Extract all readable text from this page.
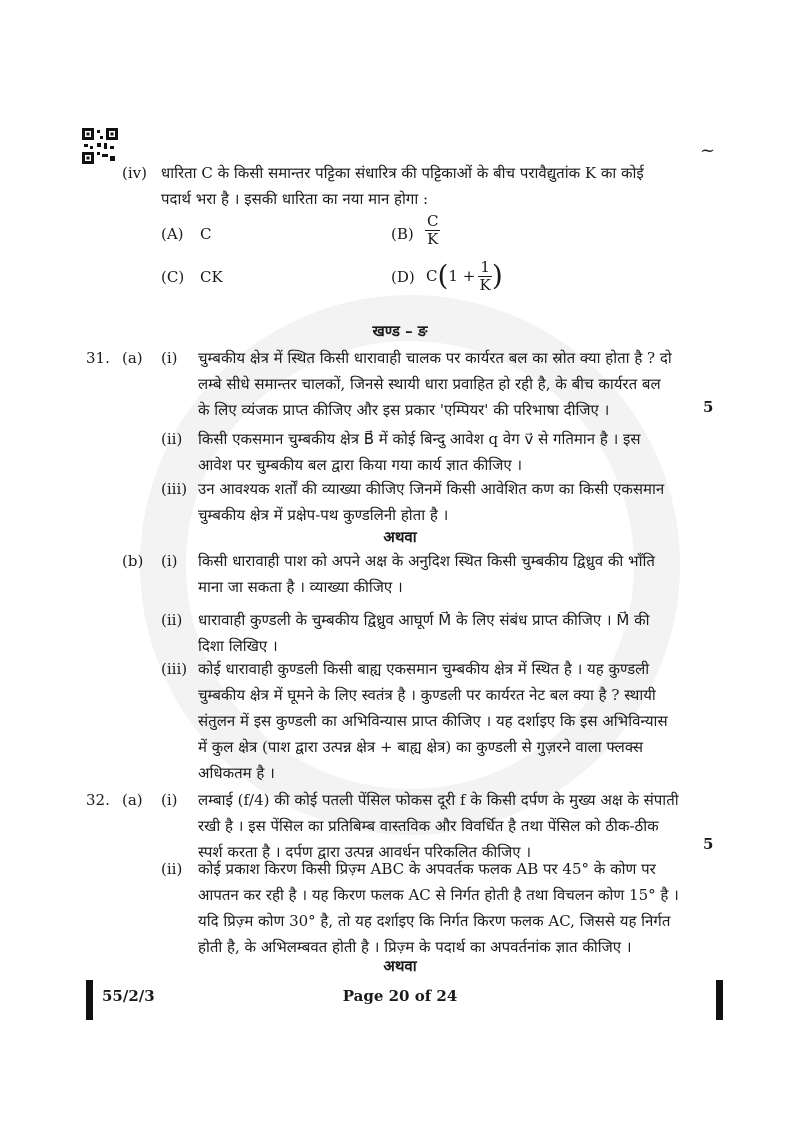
~
(iv) धारिता C के किसी समान्तर पट्टिका संधारित्र की पट्टिकाओं के बीच परावैद्युतांक K का कोई
पदार्थ भरा है । इसकी धारिता का नया मान होगा :
(A) C	$(B) \frac{C}{K}$
(C) CK	(D) C ( $1 + \frac{1}{K}$ )
खण्ड – ङ
31. (a) (i) चुम्बकीय क्षेत्र में स्थित किसी धारावाही चालक पर कार्यरत बल का स्रोत क्या होता है ? दो
लम्बे सीधे समान्तर चालकों, जिनसे स्थायी धारा प्रवाहित हो रही है, के बीच कार्यरत बल
के लिए व्यंजक प्राप्त कीजिए और इस प्रकार 'एम्पियर' की परिभाषा दीजिए ।	5
(ii) किसी एकसमान चुम्बकीय क्षेत्र B⃗ में कोई बिन्दु आवेश q वेग v⃗ से गतिमान है । इस
आवेश पर चुम्बकीय बल द्वारा किया गया कार्य ज्ञात कीजिए ।
(iii) उन आवश्यक शर्तों की व्याख्या कीजिए जिनमें किसी आवेशित कण का किसी एकसमान
चुम्बकीय क्षेत्र में प्रक्षेप-पथ कुण्डलिनी होता है ।
अथवा
(b) (i) किसी धारावाही पाश को अपने अक्ष के अनुदिश स्थित किसी चुम्बकीय द्विध्रुव की भाँति
माना जा सकता है । व्याख्या कीजिए ।
(ii) धारावाही कुण्डली के चुम्बकीय द्विध्रुव आघूर्ण M⃗ के लिए संबंध प्राप्त कीजिए । M⃗ की
दिशा लिखिए ।
(iii) कोई धारावाही कुण्डली किसी बाह्य एकसमान चुम्बकीय क्षेत्र में स्थित है । यह कुण्डली
चुम्बकीय क्षेत्र में घूमने के लिए स्वतंत्र है । कुण्डली पर कार्यरत नेट बल क्या है ? स्थायी
संतुलन में इस कुण्डली का अभिविन्यास प्राप्त कीजिए । यह दर्शाइए कि इस अभिविन्यास
में कुल क्षेत्र (पाश द्वारा उत्पन्न क्षेत्र + बाह्य क्षेत्र) का कुण्डली से गुज़रने वाला फ्लक्स
अधिकतम है ।
32. (a) (i) लम्बाई (f/4) की कोई पतली पेंसिल फोकस दूरी f के किसी दर्पण के मुख्य अक्ष के संपाती
रखी है । इस पेंसिल का प्रतिबिम्ब वास्तविक और विवर्धित है तथा पेंसिल को ठीक-ठीक
स्पर्श करता है । दर्पण द्वारा उत्पन्न आवर्धन परिकलित कीजिए ।	5
(ii) कोई प्रकाश किरण किसी प्रिज़्म ABC के अपवर्तक फलक AB पर 45° के कोण पर
आपतन कर रही है । यह किरण फलक AC से निर्गत होती है तथा विचलन कोण 15° है ।
यदि प्रिज़्म कोण 30° है, तो यह दर्शाइए कि निर्गत किरण फलक AC, जिससे यह निर्गत
होती है, के अभिलम्बवत होती है । प्रिज़्म के पदार्थ का अपवर्तनांक ज्ञात कीजिए ।
अथवा
55/2/3	Page 20 of 24
